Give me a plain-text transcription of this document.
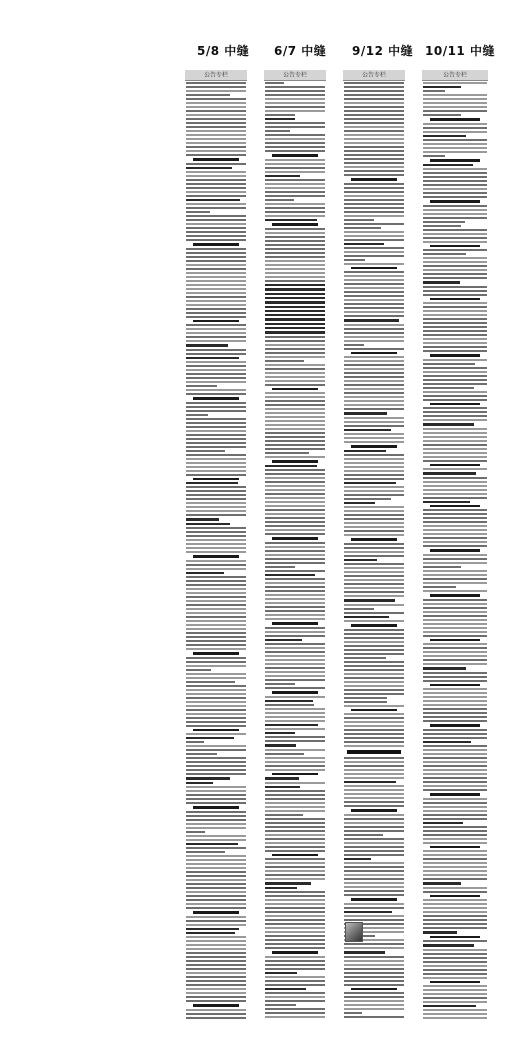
5/8 中缝 6/7 中缝 9/12 中缝 10/11 中缝
公告专栏	公告专栏	公告专栏	公告专栏
